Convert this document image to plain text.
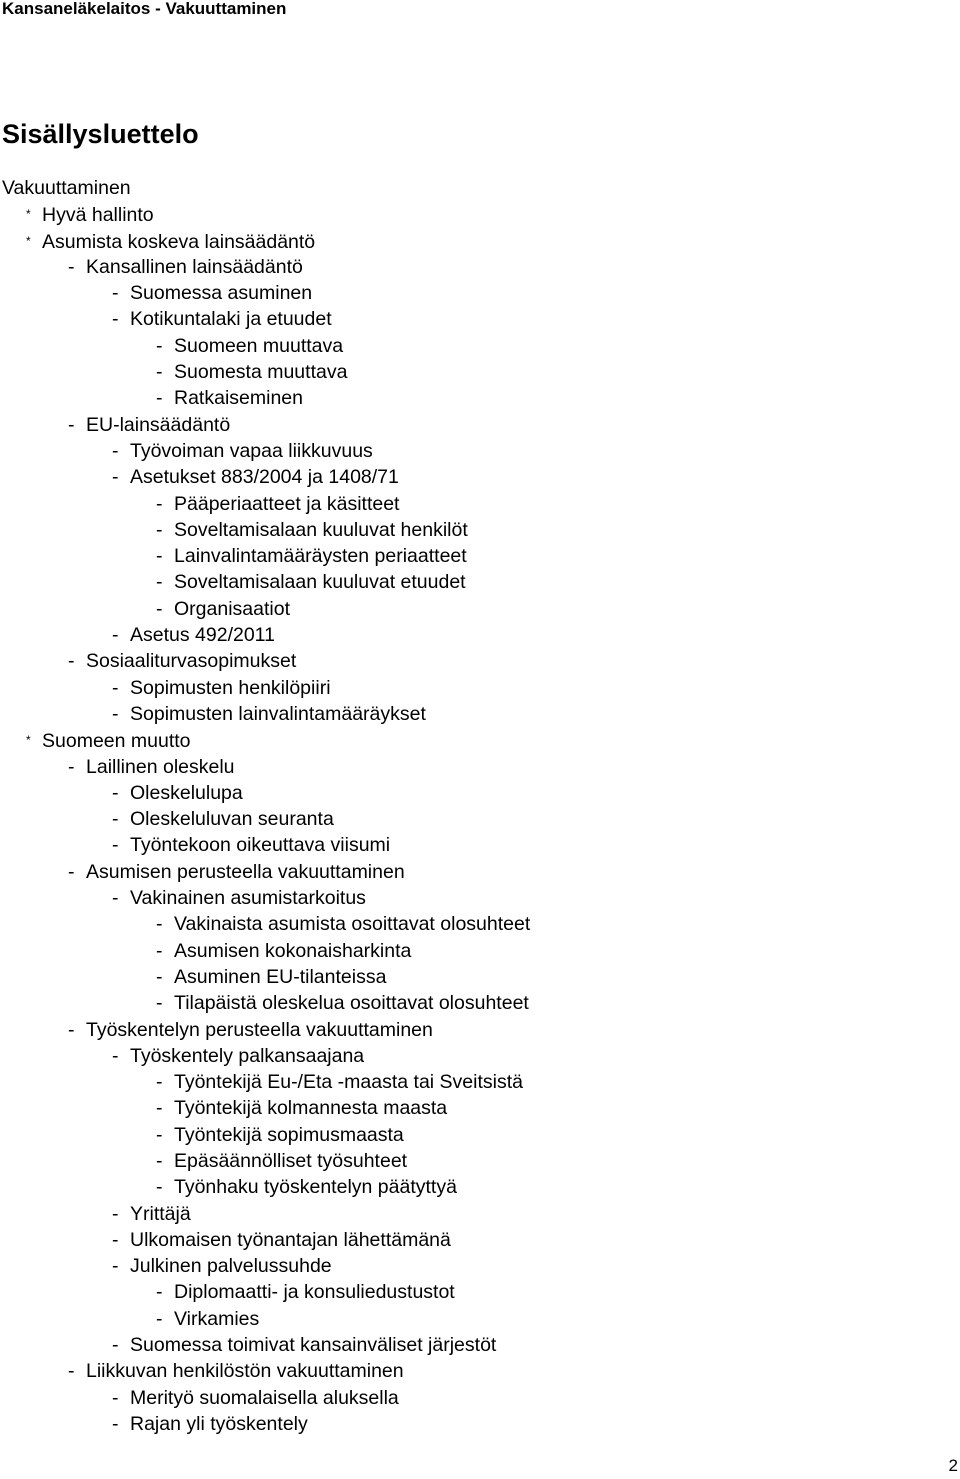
Kansaneläkelaitos - Vakuuttaminen
Sisällysluettelo
Vakuuttaminen
* Hyvä hallinto
* Asumista koskeva lainsäädäntö
- Kansallinen lainsäädäntö
- Suomessa asuminen
- Kotikuntalaki ja etuudet
- Suomeen muuttava
- Suomesta muuttava
- Ratkaiseminen
- EU-lainsäädäntö
- Työvoiman vapaa liikkuvuus
- Asetukset 883/2004 ja 1408/71
- Pääperiaatteet ja käsitteet
- Soveltamisalaan kuuluvat henkilöt
- Lainvalintamääräysten periaatteet
- Soveltamisalaan kuuluvat etuudet
- Organisaatiot
- Asetus 492/2011
- Sosiaaliturvasopimukset
- Sopimusten henkilöpiiri
- Sopimusten lainvalintamääräykset
* Suomeen muutto
- Laillinen oleskelu
- Oleskelulupa
- Oleskeluluvan seuranta
- Työntekoon oikeuttava viisumi
- Asumisen perusteella vakuuttaminen
- Vakinainen asumistarkoitus
- Vakinaista asumista osoittavat olosuhteet
- Asumisen kokonaisharkinta
- Asuminen EU-tilanteissa
- Tilapäistä oleskelua osoittavat olosuhteet
- Työskentelyn perusteella vakuuttaminen
- Työskentely palkansaajana
- Työntekijä Eu-/Eta -maasta tai Sveitsistä
- Työntekijä kolmannesta maasta
- Työntekijä sopimusmaasta
- Epäsäännölliset työsuhteet
- Työnhaku työskentelyn päätyttyä
- Yrittäjä
- Ulkomaisen työnantajan lähettämänä
- Julkinen palvelussuhde
- Diplomaatti- ja konsuliedustustot
- Virkamies
- Suomessa toimivat kansainväliset järjestöt
- Liikkuvan henkilöstön vakuuttaminen
- Merityö suomalaisella aluksella
- Rajan yli työskentely
2
